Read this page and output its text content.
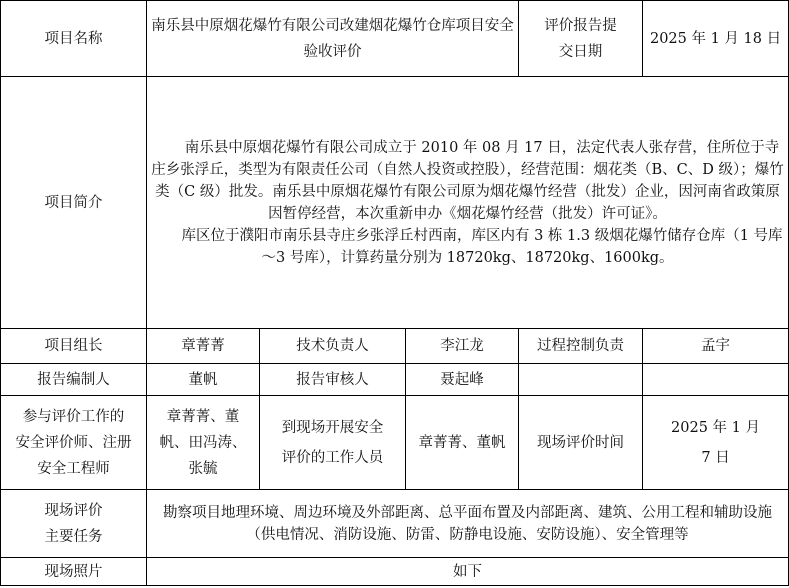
项目名称	南乐县中原烟花爆竹有限公司改建烟花爆竹仓库项目安全验收评价			评价报告提交日期	2025 年 1 月 18 日
项目简介	南乐县中原烟花爆竹有限公司成立于 2010 年 08 月 17 日，法定代表人张存营，住所位于寺庄乡张浮丘，类型为有限责任公司（自然人投资或控股），经营范围：烟花类（B、C、D 级）；爆竹类（C 级）批发。南乐县中原烟花爆竹有限公司原为烟花爆竹经营（批发）企业，因河南省政策原因暂停经营，本次重新申办《烟花爆竹经营（批发）许可证》。

库区位于濮阳市南乐县寺庄乡张浮丘村西南，库区内有 3 栋 1.3 级烟花爆竹储存仓库（1 号库～3 号库），计算药量分别为 18720kg、18720kg、1600kg。				

项目组长	章菁菁	技术负责人	李江龙	过程控制负责	孟宇
报告编制人	董帆	报告审核人	聂起峰		

参与评价工作的
安全评价师、注册
安全工程师	章菁菁、董
帆、田冯涛、
张毓	到现场开展安全
评价的工作人员	章菁菁、董帆	现场评价时间	2025 年 1 月
7 日

现场评价
主要任务	勘察项目地理环境、周边环境及外部距离、总平面布置及内部距离、建筑、公用工程和辅助设施（供电情况、消防设施、防雷、防静电设施、安防设施）、安全管理等				
现场照片	如下				
